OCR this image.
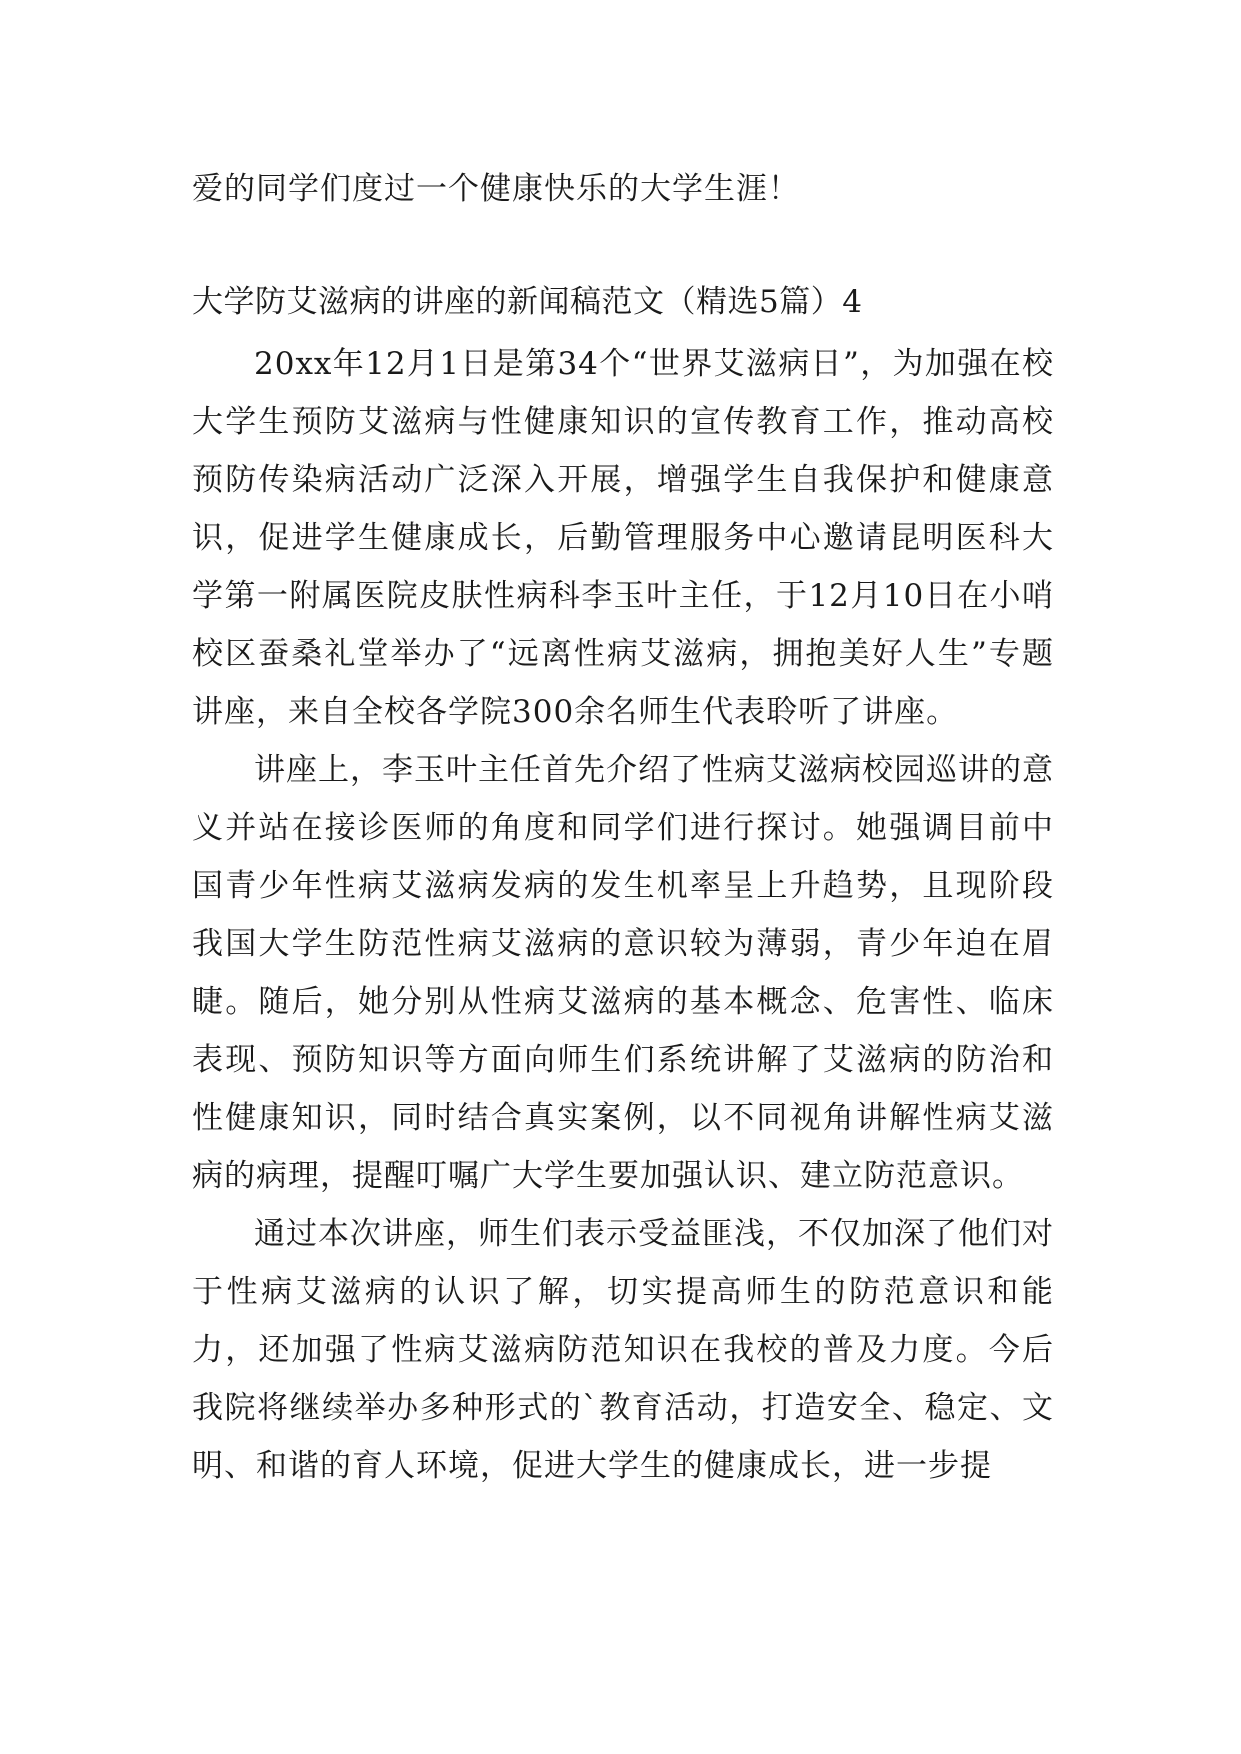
爱的同学们度过一个健康快乐的大学生涯！
大学防艾滋病的讲座的新闻稿范文（精选5篇）4

20xx年12月1日是第34个“世界艾滋病日”，为加强在校大学生预防艾滋病与性健康知识的宣传教育工作，推动高校预防传染病活动广泛深入开展，增强学生自我保护和健康意识，促进学生健康成长，后勤管理服务中心邀请昆明医科大学第一附属医院皮肤性病科李玉叶主任，于12月10日在小哨校区蚕桑礼堂举办了“远离性病艾滋病，拥抱美好人生”专题讲座，来自全校各学院300余名师生代表聆听了讲座。

讲座上，李玉叶主任首先介绍了性病艾滋病校园巡讲的意义并站在接诊医师的角度和同学们进行探讨。她强调目前中国青少年性病艾滋病发病的发生机率呈上升趋势，且现阶段我国大学生防范性病艾滋病的意识较为薄弱，青少年迫在眉睫。随后，她分别从性病艾滋病的基本概念、危害性、临床表现、预防知识等方面向师生们系统讲解了艾滋病的防治和性健康知识，同时结合真实案例，以不同视角讲解性病艾滋病的病理，提醒叮嘱广大学生要加强认识、建立防范意识。

通过本次讲座，师生们表示受益匪浅，不仅加深了他们对于性病艾滋病的认识了解，切实提高师生的防范意识和能力，还加强了性病艾滋病防范知识在我校的普及力度。今后我院将继续举办多种形式的`教育活动，打造安全、稳定、文明、和谐的育人环境，促进大学生的健康成长，进一步提
